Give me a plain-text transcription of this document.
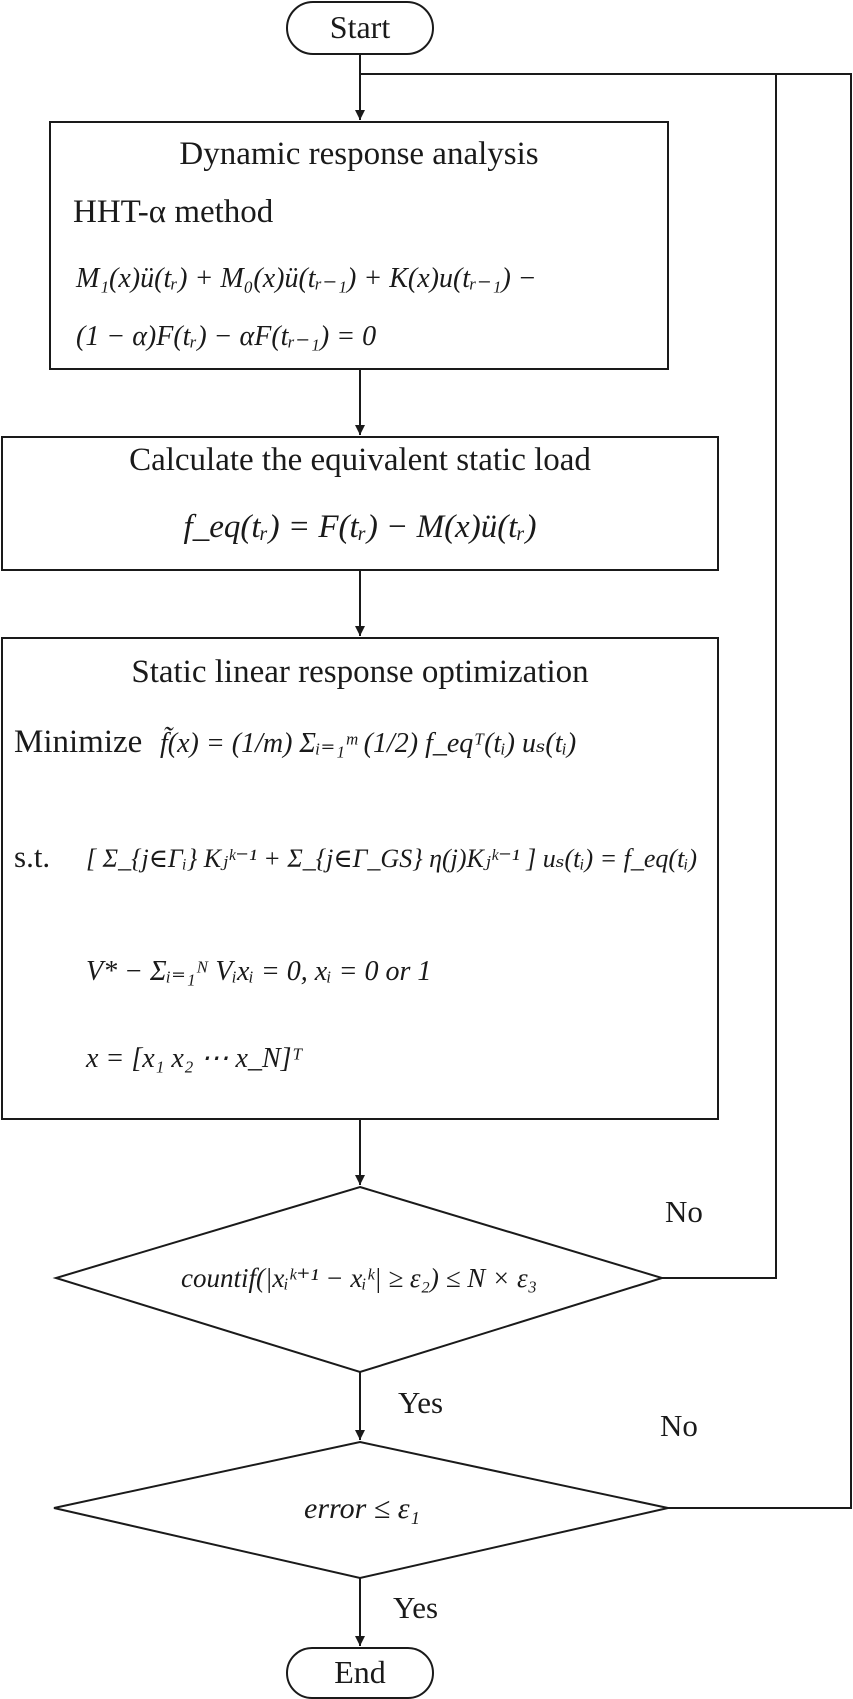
Start
Dynamic response analysis
HHT-α method
M₁(x)ü(tᵣ) + M₀(x)ü(tᵣ₋₁) + K(x)u(tᵣ₋₁) −
(1 − α)F(tᵣ) − αF(tᵣ₋₁) = 0
Calculate the equivalent static load
f_eq(tᵣ) = F(tᵣ) − M(x)ü(tᵣ)
Static linear response optimization
Minimize f̃(x) = (1/m) Σᵢ₌₁ᵐ (1/2) f_eqᵀ(tᵢ) uₛ(tᵢ)
s.t. [ Σ_{j∈Γᵢ} Kⱼᵏ⁻¹ + Σ_{j∈Γ_GS} η(j)Kⱼᵏ⁻¹ ] uₛ(tᵢ) = f_eq(tᵢ)
V* − Σᵢ₌₁ᴺ Vᵢxᵢ = 0, xᵢ = 0 or 1
x = [x₁ x₂ ⋯ x_N]ᵀ
countif(|xᵢᵏ⁺¹ − xᵢᵏ| ≥ ε₂) ≤ N × ε₃
error ≤ ε₁
End
No
Yes
No
Yes
